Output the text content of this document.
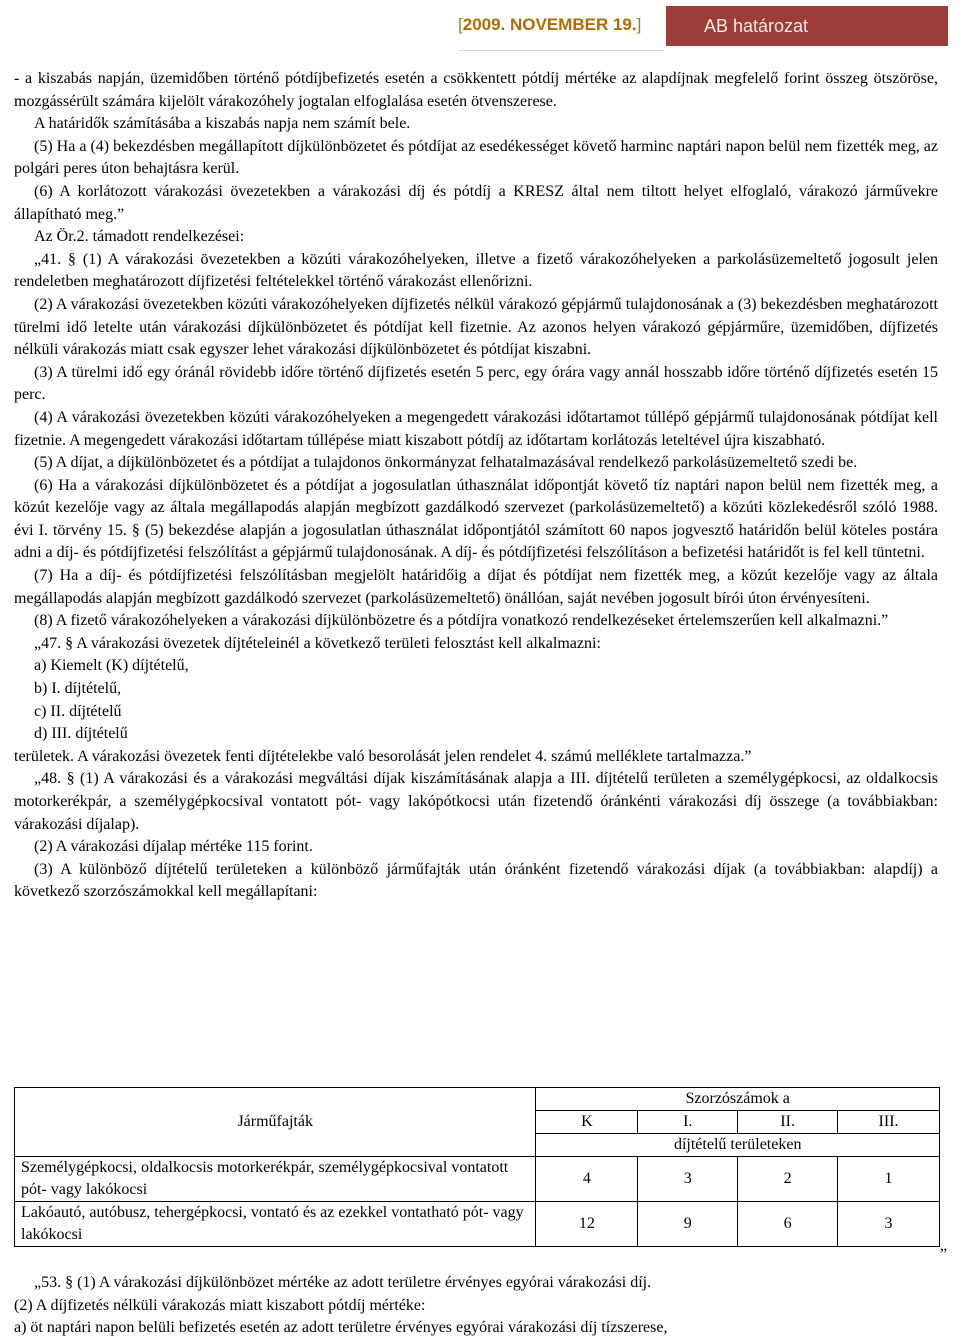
[2009. NOVEMBER 19.]	AB határozat

- a kiszabás napján, üzemidőben történő pótdíjbefizetés esetén a csökkentett pótdíj mértéke az alapdíjnak megfelelő forint összeg ötszöröse, mozgássérült számára kijelölt várakozóhely jogtalan elfoglalása esetén ötvenszerese.

A határidők számításába a kiszabás napja nem számít bele.

(5) Ha a (4) bekezdésben megállapított díjkülönbözetet és pótdíjat az esedékességet követő harminc naptári napon belül nem fizették meg, az polgári peres úton behajtásra kerül.

(6) A korlátozott várakozási övezetekben a várakozási díj és pótdíj a KRESZ által nem tiltott helyet elfoglaló, várakozó járművekre állapítható meg.”

Az Ör.2. támadott rendelkezései:

„41. § (1) A várakozási övezetekben a közúti várakozóhelyeken, illetve a fizető várakozóhelyeken a parkolásüzemeltető jogosult jelen rendeletben meghatározott díjfizetési feltételekkel történő várakozást ellenőrizni.

(2) A várakozási övezetekben közúti várakozóhelyeken díjfizetés nélkül várakozó gépjármű tulajdonosának a (3) bekezdésben meghatározott türelmi idő letelte után várakozási díjkülönbözetet és pótdíjat kell fizetnie. Az azonos helyen várakozó gépjárműre, üzemidőben, díjfizetés nélküli várakozás miatt csak egyszer lehet várakozási díjkülönbözetet és pótdíjat kiszabni.

(3) A türelmi idő egy óránál rövidebb időre történő díjfizetés esetén 5 perc, egy órára vagy annál hosszabb időre történő díjfizetés esetén 15 perc.

(4) A várakozási övezetekben közúti várakozóhelyeken a megengedett várakozási időtartamot túllépő gépjármű tulajdonosának pótdíjat kell fizetnie. A megengedett várakozási időtartam túllépése miatt kiszabott pótdíj az időtartam korlátozás leteltével újra kiszabható.

(5) A díjat, a díjkülönbözetet és a pótdíjat a tulajdonos önkormányzat felhatalmazásával rendelkező parkolásüzemeltető szedi be.

(6) Ha a várakozási díjkülönbözetet és a pótdíjat a jogosulatlan úthasználat időpontját követő tíz naptári napon belül nem fizették meg, a közút kezelője vagy az általa megállapodás alapján megbízott gazdálkodó szervezet (parkolásüzemeltető) a közúti közlekedésről szóló 1988. évi I. törvény 15. § (5) bekezdése alapján a jogosulatlan úthasználat időpontjától számított 60 napos jogvesztő határidőn belül köteles postára adni a díj- és pótdíjfizetési felszólítást a gépjármű tulajdonosának. A díj- és pótdíjfizetési felszólításon a befizetési határidőt is fel kell tüntetni.

(7) Ha a díj- és pótdíjfizetési felszólításban megjelölt határidőig a díjat és pótdíjat nem fizették meg, a közút kezelője vagy az általa megállapodás alapján megbízott gazdálkodó szervezet (parkolásüzemeltető) önállóan, saját nevében jogosult bírói úton érvényesíteni.

(8) A fizető várakozóhelyeken a várakozási díjkülönbözetre és a pótdíjra vonatkozó rendelkezéseket értelemszerűen kell alkalmazni.”

„47. § A várakozási övezetek díjtételeinél a következő területi felosztást kell alkalmazni:

a) Kiemelt (K) díjtételű,

b) I. díjtételű,

c) II. díjtételű

d) III. díjtételű

területek. A várakozási övezetek fenti díjtételekbe való besorolását jelen rendelet 4. számú melléklete tartalmazza.”

„48. § (1) A várakozási és a várakozási megváltási díjak kiszámításának alapja a III. díjtételű területen a személygépkocsi, az oldalkocsis motorkerékpár, a személygépkocsival vontatott pót- vagy lakópótkocsi után fizetendő óránkénti várakozási díj összege (a továbbiakban: várakozási díjalap).

(2) A várakozási díjalap mértéke 115 forint.

(3) A különböző díjtételű területeken a különböző járműfajták után óránként fizetendő várakozási díjak (a továbbiakban: alapdíj) a következő szorzószámokkal kell megállapítani:

Járműfajták	Szorzószámok a			
	K	I.	II.	III.
	díjtételű területeken			
Személygépkocsi, oldalkocsis motorkerékpár, személygépkocsival vontatott pót- vagy lakókocsi	4	3	2	1
Lakóautó, autóbusz, tehergépkocsi, vontató és az ezekkel vontatható pót- vagy lakókocsi	12	9	6	3
”

„53. § (1) A várakozási díjkülönbözet mértéke az adott területre érvényes egyórai várakozási díj.

(2) A díjfizetés nélküli várakozás miatt kiszabott pótdíj mértéke:

a) öt naptári napon belüli befizetés esetén az adott területre érvényes egyórai várakozási díj tízszerese,
